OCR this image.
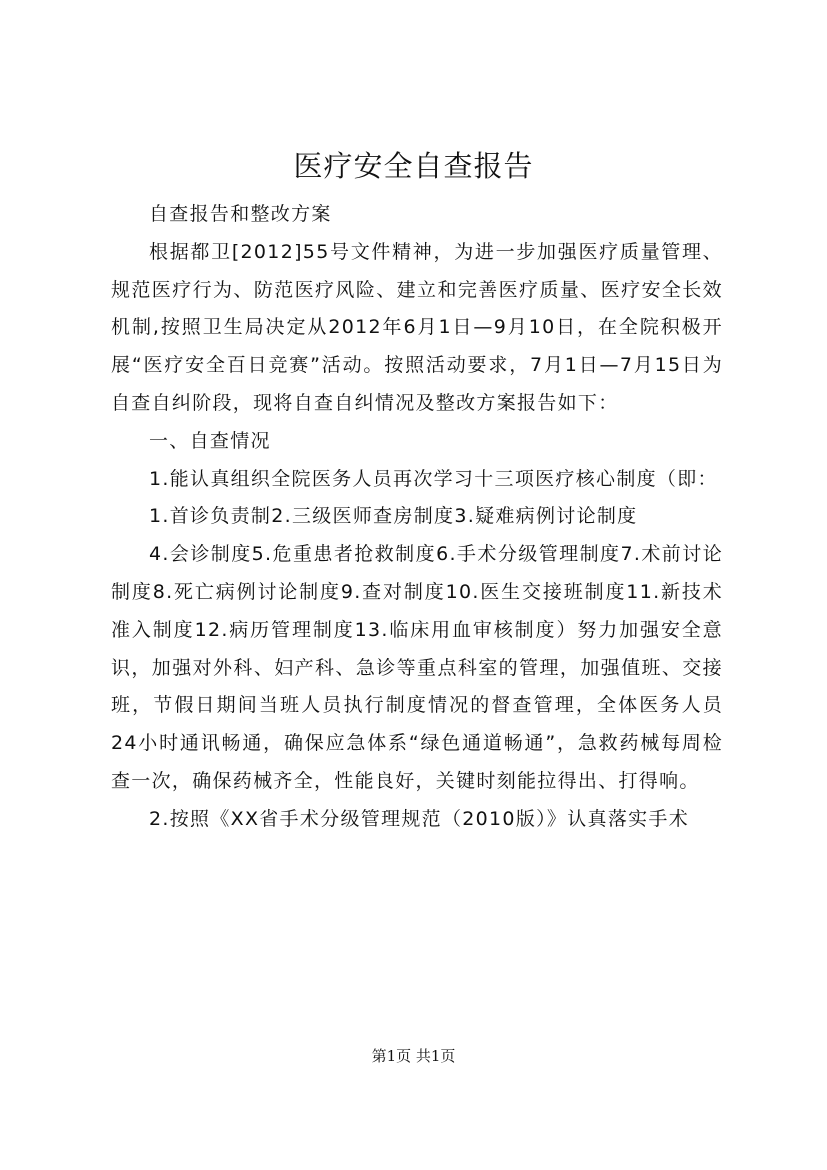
医疗安全自查报告

自查报告和整改方案

根据都卫[2012]55号文件精神，为进一步加强医疗质量管理、规范医疗行为、防范医疗风险、建立和完善医疗质量、医疗安全长效机制,按照卫生局决定从2012年6月1日—9月10日，在全院积极开展“医疗安全百日竞赛”活动。按照活动要求，7月1日—7月15日为自查自纠阶段，现将自查自纠情况及整改方案报告如下：

一、自查情况

1.能认真组织全院医务人员再次学习十三项医疗核心制度（即：

1.首诊负责制2.三级医师查房制度3.疑难病例讨论制度

4.会诊制度5.危重患者抢救制度6.手术分级管理制度7.术前讨论制度8.死亡病例讨论制度9.查对制度10.医生交接班制度11.新技术准入制度12.病历管理制度13.临床用血审核制度）努力加强安全意识，加强对外科、妇产科、急诊等重点科室的管理，加强值班、交接班，节假日期间当班人员执行制度情况的督查管理，全体医务人员24小时通讯畅通，确保应急体系“绿色通道畅通”，急救药械每周检查一次，确保药械齐全，性能良好，关键时刻能拉得出、打得响。

2.按照《XX省手术分级管理规范（2010版）》认真落实手术

第1页 共1页
